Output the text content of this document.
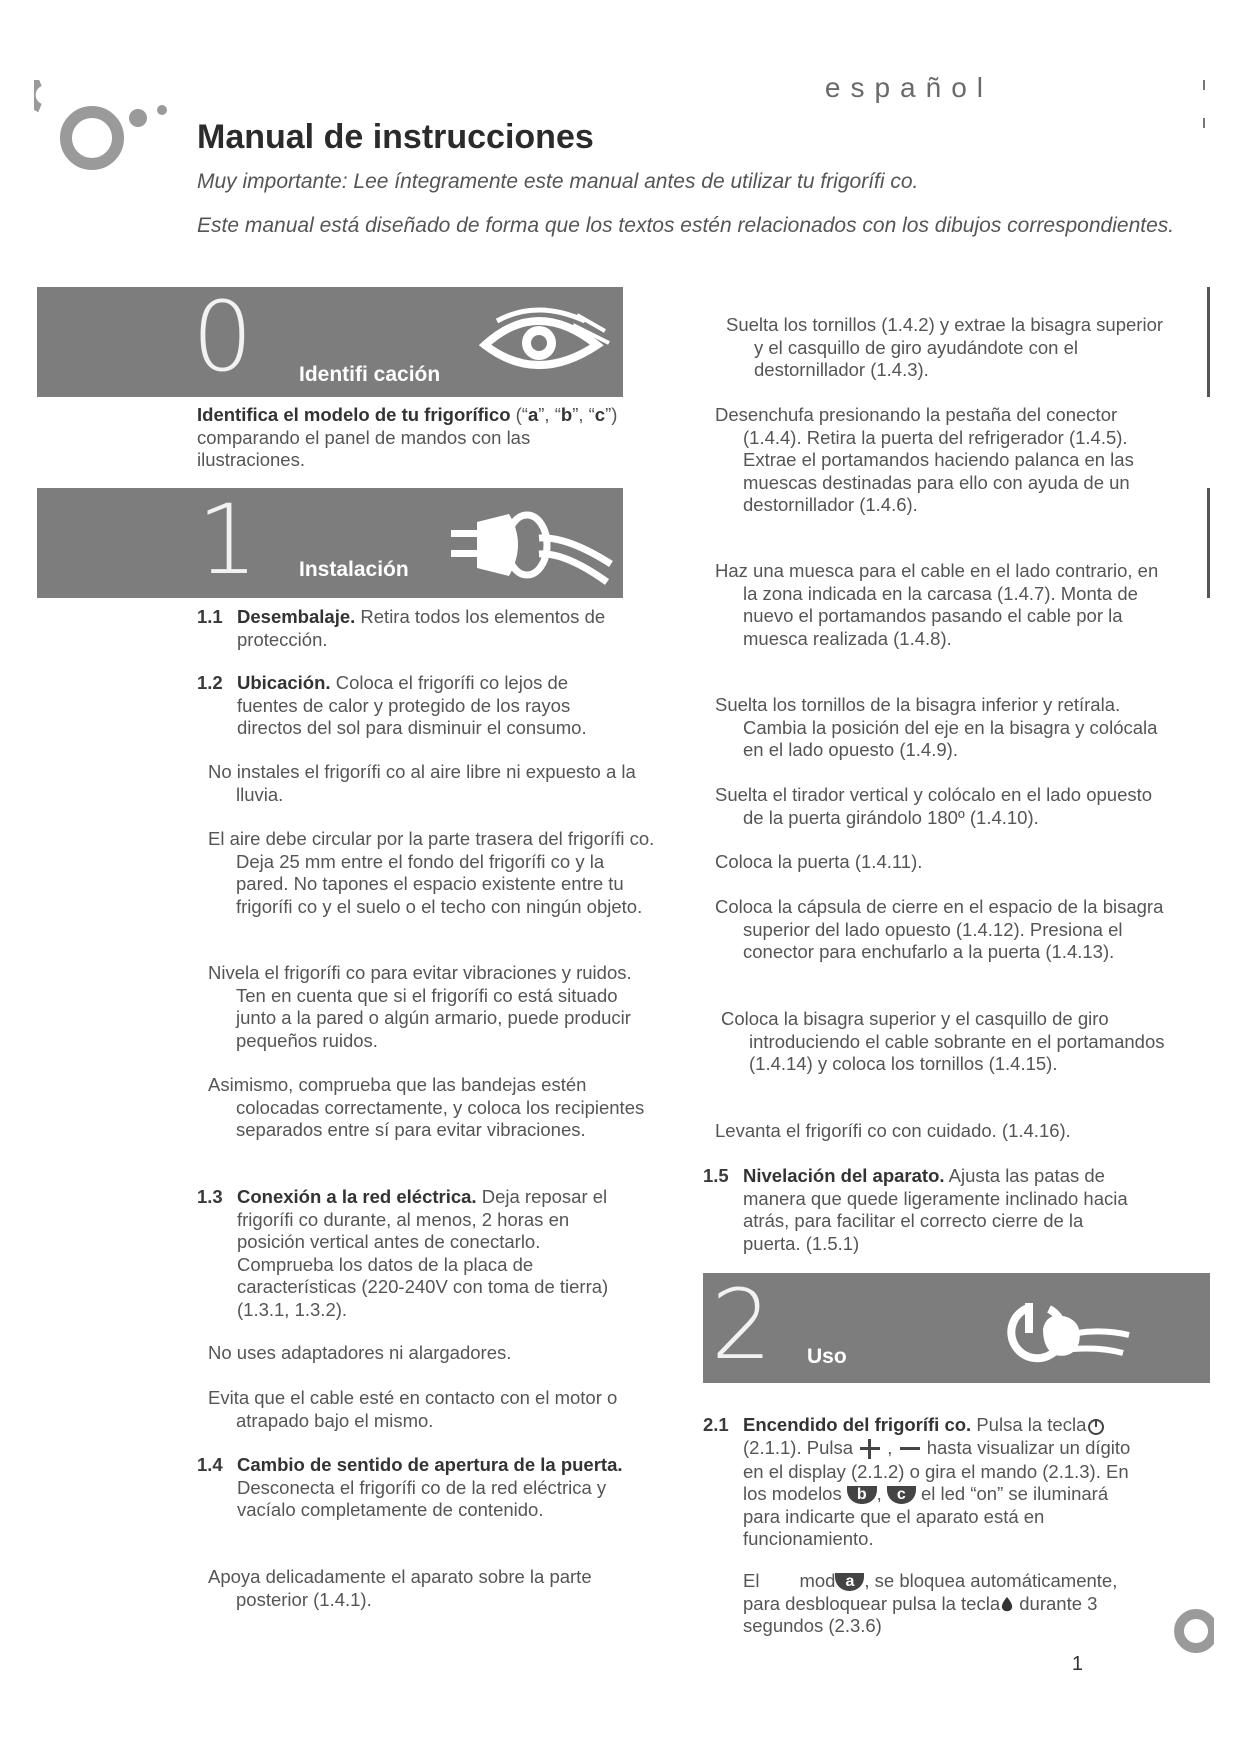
español
Manual de instrucciones
Muy importante: Lee íntegramente este manual antes de utilizar tu frigorífi co.
Este manual está diseñado de forma que los textos estén relacionados con los dibujos correspondientes.
0 Identifi cación
Identifica el modelo de tu frigorífico (“a”, “b”, “c”) comparando el panel de mandos con las ilustraciones.
1 Instalación
1.1 Desembalaje. Retira todos los elementos de protección.
1.2 Ubicación. Coloca el frigorífi co lejos de fuentes de calor y protegido de los rayos directos del sol para disminuir el consumo.
No instales el frigorífi co al aire libre ni expuesto a la lluvia.
El aire debe circular por la parte trasera del frigorífi co. Deja 25 mm entre el fondo del frigorífi co y la pared. No tapones el espacio existente entre tu frigorífi co y el suelo o el techo con ningún objeto.
Nivela el frigorífi co para evitar vibraciones y ruidos. Ten en cuenta que si el frigorífi co está situado junto a la pared o algún armario, puede producir pequeños ruidos.
Asimismo, comprueba que las bandejas estén colocadas correctamente, y coloca los recipientes separados entre sí para evitar vibraciones.
1.3 Conexión a la red eléctrica. Deja reposar el frigorífi co durante, al menos, 2 horas en posición vertical antes de conectarlo. Comprueba los datos de la placa de características (220-240V con toma de tierra) (1.3.1, 1.3.2).
No uses adaptadores ni alargadores.
Evita que el cable esté en contacto con el motor o atrapado bajo el mismo.
1.4 Cambio de sentido de apertura de la puerta. Desconecta el frigorífi co de la red eléctrica y vacíalo completamente de contenido.
Apoya delicadamente el aparato sobre la parte posterior (1.4.1).
Suelta los tornillos (1.4.2) y extrae la bisagra superior y el casquillo de giro ayudándote con el destornillador (1.4.3).
Desenchufa presionando la pestaña del conector (1.4.4). Retira la puerta del refrigerador (1.4.5). Extrae el portamandos haciendo palanca en las muescas destinadas para ello con ayuda de un destornillador (1.4.6).
Haz una muesca para el cable en el lado contrario, en la zona indicada en la carcasa (1.4.7). Monta de nuevo el portamandos pasando el cable por la muesca realizada (1.4.8).
Suelta los tornillos de la bisagra inferior y retírala. Cambia la posición del eje en la bisagra y colócala en el lado opuesto (1.4.9).
Suelta el tirador vertical y colócalo en el lado opuesto de la puerta girándolo 180º (1.4.10).
Coloca la puerta (1.4.11).
Coloca la cápsula de cierre en el espacio de la bisagra superior del lado opuesto (1.4.12). Presiona el conector para enchufarlo a la puerta (1.4.13).
Coloca la bisagra superior y el casquillo de giro introduciendo el cable sobrante en el portamandos (1.4.14) y coloca los tornillos (1.4.15).
Levanta el frigorífi co con cuidado. (1.4.16).
1.5 Nivelación del aparato. Ajusta las patas de manera que quede ligeramente inclinado hacia atrás, para facilitar el correcto cierre de la puerta. (1.5.1)
2 Uso
2.1 Encendido del frigorífi co. Pulsa la tecla (2.1.1). Pulsa  ,  hasta visualizar un dígito en el display (2.1.2) o gira el mando (2.1.3). En los modelos b , c el led “on” se iluminará para indicarte que el aparato está en funcionamiento.
El mod a , se bloquea automáticamente, para desbloquear pulsa la tecla durante 3 segundos (2.3.6)
1
